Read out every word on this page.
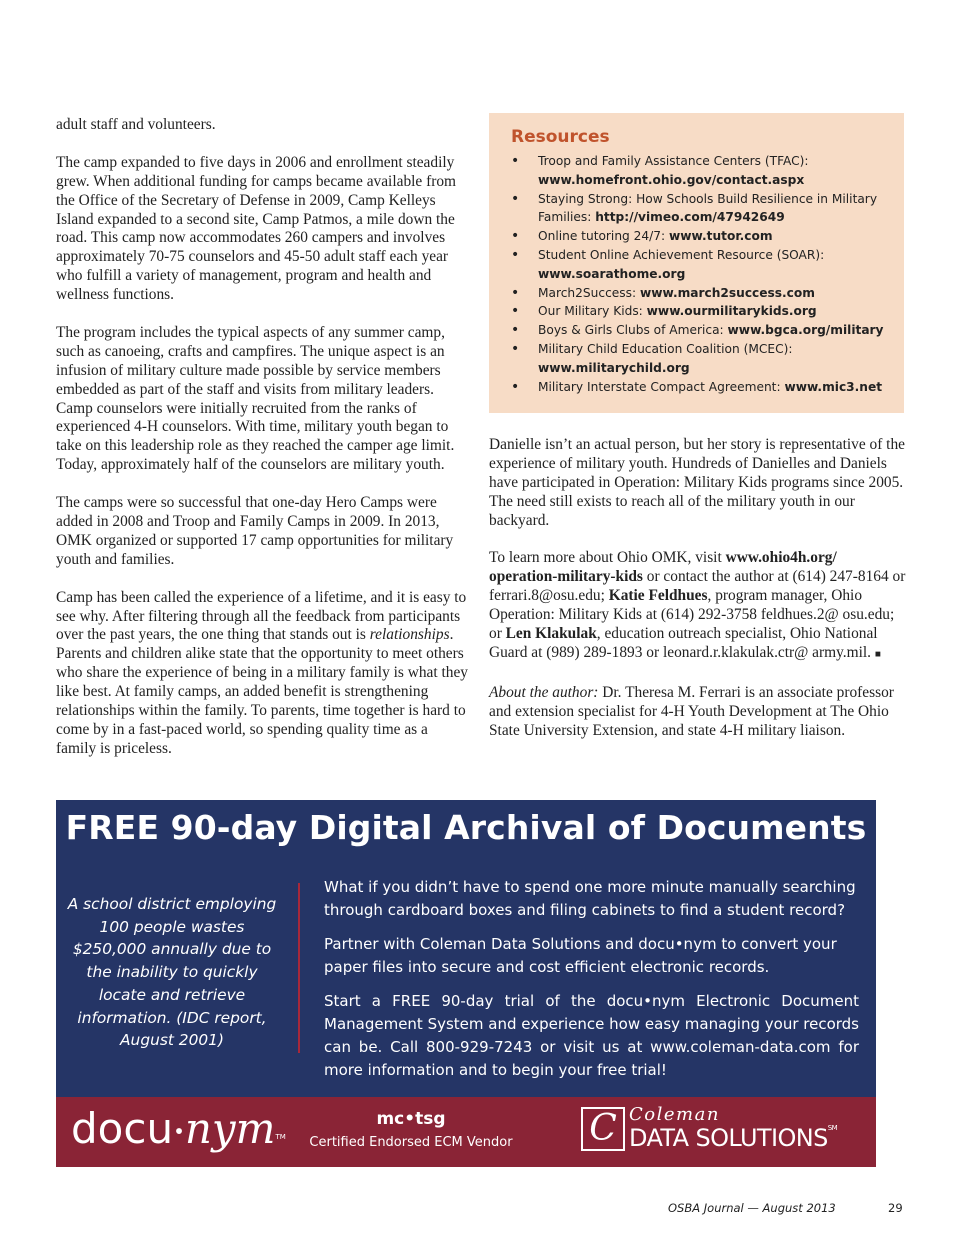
adult staff and volunteers.

The camp expanded to five days in 2006 and enrollment steadily grew. When additional funding for camps became available from the Office of the Secretary of Defense in 2009, Camp Kelleys Island expanded to a second site, Camp Patmos, a mile down the road. This camp now accommodates 260 campers and involves approximately 70-75 counselors and 45-50 adult staff each year who fulfill a variety of management, program and health and wellness functions.

The program includes the typical aspects of any summer camp, such as canoeing, crafts and campfires. The unique aspect is an infusion of military culture made possible by service members embedded as part of the staff and visits from military leaders. Camp counselors were initially recruited from the ranks of experienced 4-H counselors. With time, military youth began to take on this leadership role as they reached the camper age limit. Today, approximately half of the counselors are military youth.

The camps were so successful that one-day Hero Camps were added in 2008 and Troop and Family Camps in 2009. In 2013, OMK organized or supported 17 camp opportunities for military youth and families.

Camp has been called the experience of a lifetime, and it is easy to see why. After filtering through all the feedback from participants over the past years, the one thing that stands out is relationships. Parents and children alike state that the opportunity to meet others who share the experience of being in a military family is what they like best. At family camps, an added benefit is strengthening relationships within the family. To parents, time together is hard to come by in a fast-paced world, so spending quality time as a family is priceless.

Resources
• Troop and Family Assistance Centers (TFAC): www.homefront.ohio.gov/contact.aspx
• Staying Strong: How Schools Build Resilience in Military Families: http://vimeo.com/47942649
• Online tutoring 24/7: www.tutor.com
• Student Online Achievement Resource (SOAR): www.soarathome.org
• March2Success: www.march2success.com
• Our Military Kids: www.ourmilitarykids.org
• Boys & Girls Clubs of America: www.bgca.org/military
• Military Child Education Coalition (MCEC): www.militarychild.org
• Military Interstate Compact Agreement: www.mic3.net

Danielle isn’t an actual person, but her story is representative of the experience of military youth. Hundreds of Danielles and Daniels have participated in Operation: Military Kids programs since 2005. The need still exists to reach all of the military youth in our backyard.

To learn more about Ohio OMK, visit www.ohio4h.org/ operation-military-kids or contact the author at (614) 247-8164 or ferrari.8@osu.edu; Katie Feldhues, program manager, Ohio Operation: Military Kids at (614) 292-3758 feldhues.2@ osu.edu; or Len Klakulak, education outreach specialist, Ohio National Guard at (989) 289-1893 or leonard.r.klakulak.ctr@ army.mil. ■

About the author: Dr. Theresa M. Ferrari is an associate professor and extension specialist for 4-H Youth Development at The Ohio State University Extension, and state 4-H military liaison.

FREE 90-day Digital Archival of Documents
A school district employing 100 people wastes $250,000 annually due to the inability to quickly locate and retrieve information. (IDC report, August 2001)

What if you didn’t have to spend one more minute manually searching through cardboard boxes and filing cabinets to find a student record?

Partner with Coleman Data Solutions and docu•nym to convert your paper files into secure and cost efficient electronic records.

Start a FREE 90-day trial of the docu•nym Electronic Document Management System and experience how easy managing your records can be. Call 800-929-7243 or visit us at www.coleman-data.com for more information and to begin your free trial!

docu•nym™
mc•tsg
Certified Endorsed ECM Vendor C Coleman
DATA SOLUTIONS℠
OSBA Journal — August 2013	29
